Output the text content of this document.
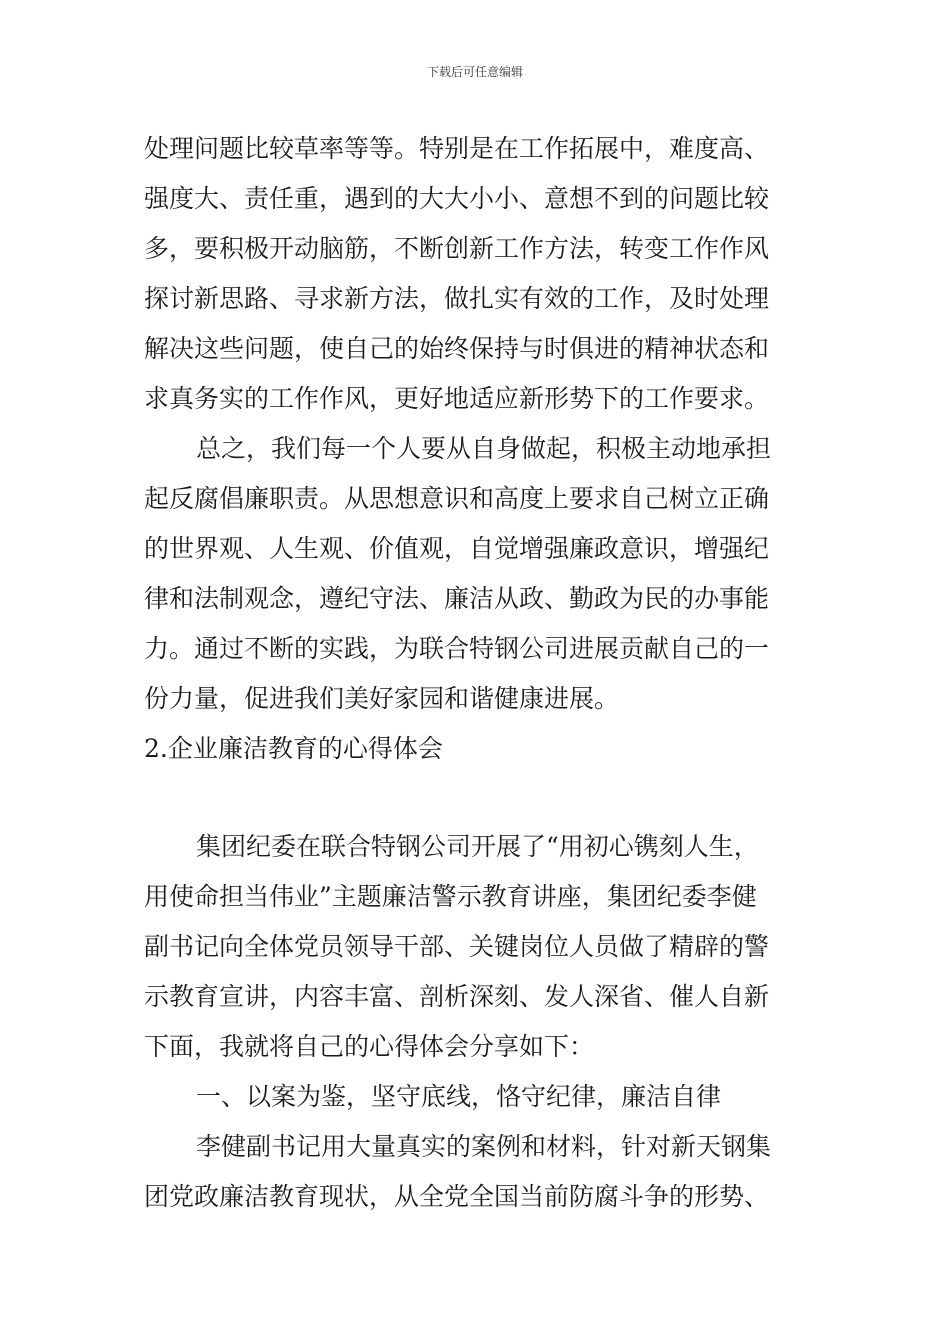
下载后可任意编辑

处理问题比较草率等等。特别是在工作拓展中，难度高、
强度大、责任重，遇到的大大小小、意想不到的问题比较
多，要积极开动脑筋，不断创新工作方法，转变工作作风
探讨新思路、寻求新方法，做扎实有效的工作，及时处理
解决这些问题，使自己的始终保持与时俱进的精神状态和
求真务实的工作作风，更好地适应新形势下的工作要求。

总之，我们每一个人要从自身做起，积极主动地承担
起反腐倡廉职责。从思想意识和高度上要求自己树立正确
的世界观、人生观、价值观，自觉增强廉政意识，增强纪
律和法制观念，遵纪守法、廉洁从政、勤政为民的办事能
力。通过不断的实践，为联合特钢公司进展贡献自己的一
份力量，促进我们美好家园和谐健康进展。

2.企业廉洁教育的心得体会

集团纪委在联合特钢公司开展了“用初心镌刻人生，
用使命担当伟业”主题廉洁警示教育讲座，集团纪委李健
副书记向全体党员领导干部、关键岗位人员做了精辟的警
示教育宣讲，内容丰富、剖析深刻、发人深省、催人自新
下面，我就将自己的心得体会分享如下：

一、以案为鉴，坚守底线，恪守纪律，廉洁自律

李健副书记用大量真实的案例和材料，针对新天钢集
团党政廉洁教育现状，从全党全国当前防腐斗争的形势、
